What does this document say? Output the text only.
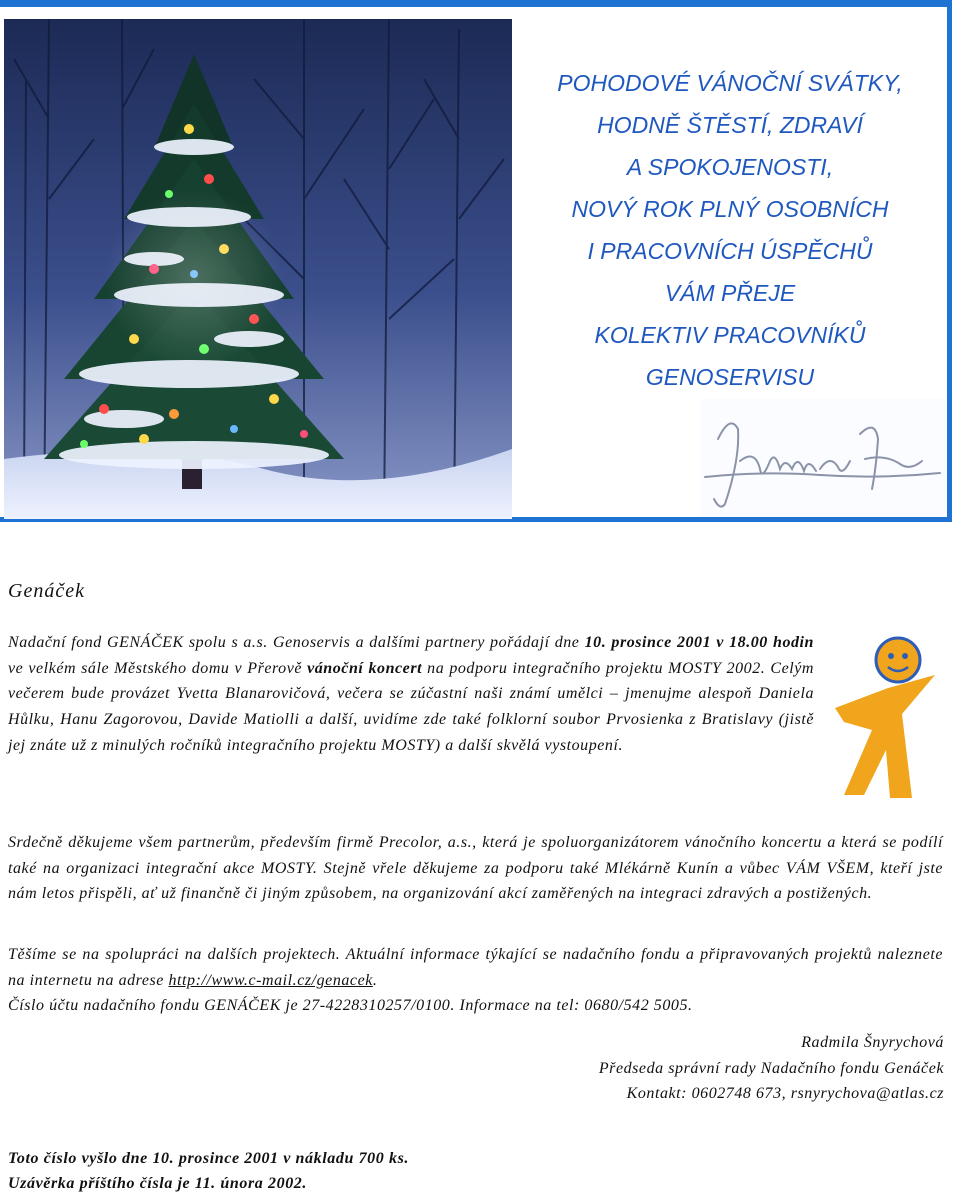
POHODOVÉ VÁNOČNÍ SVÁTKY,
HODNĚ ŠTĚSTÍ, ZDRAVÍ
A SPOKOJENOSTI,
NOVÝ ROK PLNÝ OSOBNÍCH
I PRACOVNÍCH ÚSPĚCHŮ
VÁM PŘEJE
KOLEKTIV PRACOVNÍKŮ
GENOSERVISU
Genáček
Nadační fond GENÁČEK spolu s a.s. Genoservis a dalšími partnery pořádají dne 10. prosince 2001 v 18.00 hodin ve velkém sále Městského domu v Přerově vánoční koncert na podporu integračního projektu MOSTY 2002. Celým večerem bude provázet Yvetta Blanarovičová, večera se zúčastní naši známí umělci – jmenujme alespoň Daniela Hůlku, Hanu Zagorovou, Davide Matiolli a další, uvidíme zde také folklorní soubor Prvosienka z Bratislavy (jistě jej znáte už z minulých ročníků integračního projektu MOSTY) a další skvělá vystoupení.
Srdečně děkujeme všem partnerům, především firmě Precolor, a.s., která je spoluorganizátorem vánočního koncertu a která se podílí také na organizaci integrační akce MOSTY. Stejně vřele děkujeme za podporu také Mlékárně Kunín a vůbec VÁM VŠEM, kteří jste nám letos přispěli, ať už finančně či jiným způsobem, na organizování akcí zaměřených na integraci zdravých a postižených.
Těšíme se na spolupráci na dalších projektech. Aktuální informace týkající se nadačního fondu a připravovaných projektů naleznete na internetu na adrese http://www.c-mail.cz/genacek.
Číslo účtu nadačního fondu GENÁČEK je 27-4228310257/0100. Informace na tel: 0680/542 5005.
Radmila Šnyrychová
Předseda správní rady Nadačního fondu Genáček
Kontakt: 0602748 673, rsnyrychova@atlas.cz
Toto číslo vyšlo dne 10. prosince 2001 v nákladu 700 ks.
Uzávěrka příštího čísla je 11. února 2002.
